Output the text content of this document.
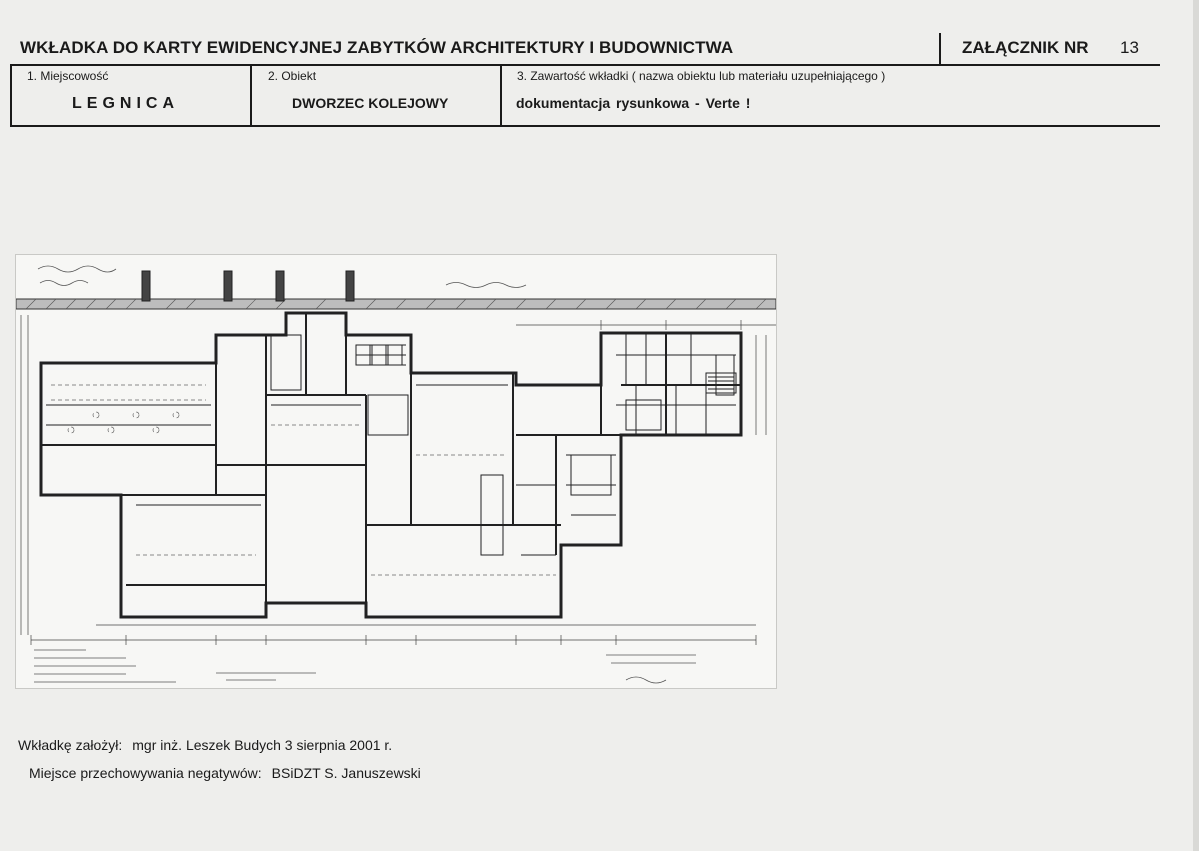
WKŁADKA DO KARTY EWIDENCYJNEJ ZABYTKÓW ARCHITEKTURY I BUDOWNICTWA	ZAŁĄCZNIK NR 13
1. Miejscowość
LEGNICA
2. Obiekt
DWORZEC KOLEJOWY
3. Zawartość wkładki ( nazwa obiektu lub materiału uzupełniającego )
dokumentacja rysunkowa - Verte !
Wkładkę założył: mgr inż. Leszek Budych 3 sierpnia 2001 r.
Miejsce przechowywania negatywów: BSiDZT S. Januszewski
